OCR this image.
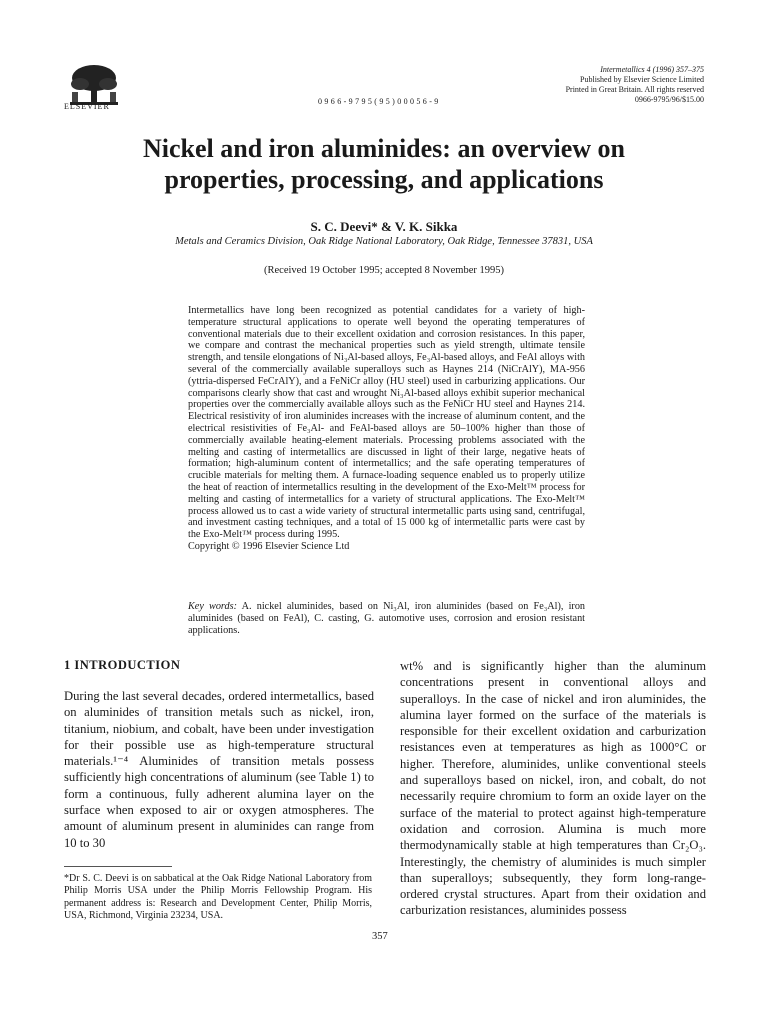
ELSEVIER
0966-9795(95)00056-9
Intermetallics 4 (1996) 357–375
Published by Elsevier Science Limited
Printed in Great Britain. All rights reserved
0966-9795/96/$15.00
Nickel and iron aluminides: an overview on
properties, processing, and applications
S. C. Deevi* & V. K. Sikka
Metals and Ceramics Division, Oak Ridge National Laboratory, Oak Ridge, Tennessee 37831, USA
(Received 19 October 1995; accepted 8 November 1995)
Intermetallics have long been recognized as potential candidates for a variety of high-temperature structural applications to operate well beyond the operating temperatures of conventional materials due to their excellent oxidation and corrosion resistances. In this paper, we compare and contrast the mechanical properties such as yield strength, ultimate tensile strength, and tensile elongations of Ni₃Al-based alloys, Fe₃Al-based alloys, and FeAl alloys with several of the commercially available superalloys such as Haynes 214 (NiCrAlY), MA-956 (yttria-dispersed FeCrAlY), and a FeNiCr alloy (HU steel) used in carburizing applications. Our comparisons clearly show that cast and wrought Ni₃Al-based alloys exhibit superior mechanical properties over the commercially available alloys such as the FeNiCr HU steel and Haynes 214. Electrical resistivity of iron aluminides increases with the increase of aluminum content, and the electrical resistivities of Fe₃Al- and FeAl-based alloys are 50–100% higher than those of commercially available heating-element materials. Processing problems associated with the melting and casting of intermetallics are discussed in light of their large, negative heats of formation; high-aluminum content of intermetallics; and the safe operating temperatures of crucible materials for melting them. A furnace-loading sequence enabled us to properly utilize the heat of reaction of intermetallics resulting in the development of the Exo-Melt™ process for melting and casting of intermetallics for a variety of structural applications. The Exo-Melt™ process allowed us to cast a wide variety of structural intermetallic parts using sand, centrifugal, and investment casting techniques, and a total of 15 000 kg of intermetallic parts were cast by the Exo-Melt™ process during 1995.
Copyright © 1996 Elsevier Science Ltd
Key words: A. nickel aluminides, based on Ni₃Al, iron aluminides (based on Fe₃Al), iron aluminides (based on FeAl), C. casting, G. automotive uses, corrosion and erosion resistant applications.
1 INTRODUCTION
During the last several decades, ordered intermetallics, based on aluminides of transition metals such as nickel, iron, titanium, niobium, and cobalt, have been under investigation for their possible use as high-temperature structural materials.¹⁻⁴ Aluminides of transition metals possess sufficiently high concentrations of aluminum (see Table 1) to form a continuous, fully adherent alumina layer on the surface when exposed to air or oxygen atmospheres. The amount of aluminum present in aluminides can range from 10 to 30
wt% and is significantly higher than the aluminum concentrations present in conventional alloys and superalloys. In the case of nickel and iron aluminides, the alumina layer formed on the surface of the materials is responsible for their excellent oxidation and carburization resistances even at temperatures as high as 1000°C or higher. Therefore, aluminides, unlike conventional steels and superalloys based on nickel, iron, and cobalt, do not necessarily require chromium to form an oxide layer on the surface of the material to protect against high-temperature oxidation and corrosion. Alumina is much more thermodynamically stable at high temperatures than Cr₂O₃. Interestingly, the chemistry of aluminides is much simpler than superalloys; subsequently, they form long-range-ordered crystal structures. Apart from their oxidation and carburization resistances, aluminides possess
*Dr S. C. Deevi is on sabbatical at the Oak Ridge National Laboratory from Philip Morris USA under the Philip Morris Fellowship Program. His permanent address is: Research and Development Center, Philip Morris, USA, Richmond, Virginia 23234, USA.
357
